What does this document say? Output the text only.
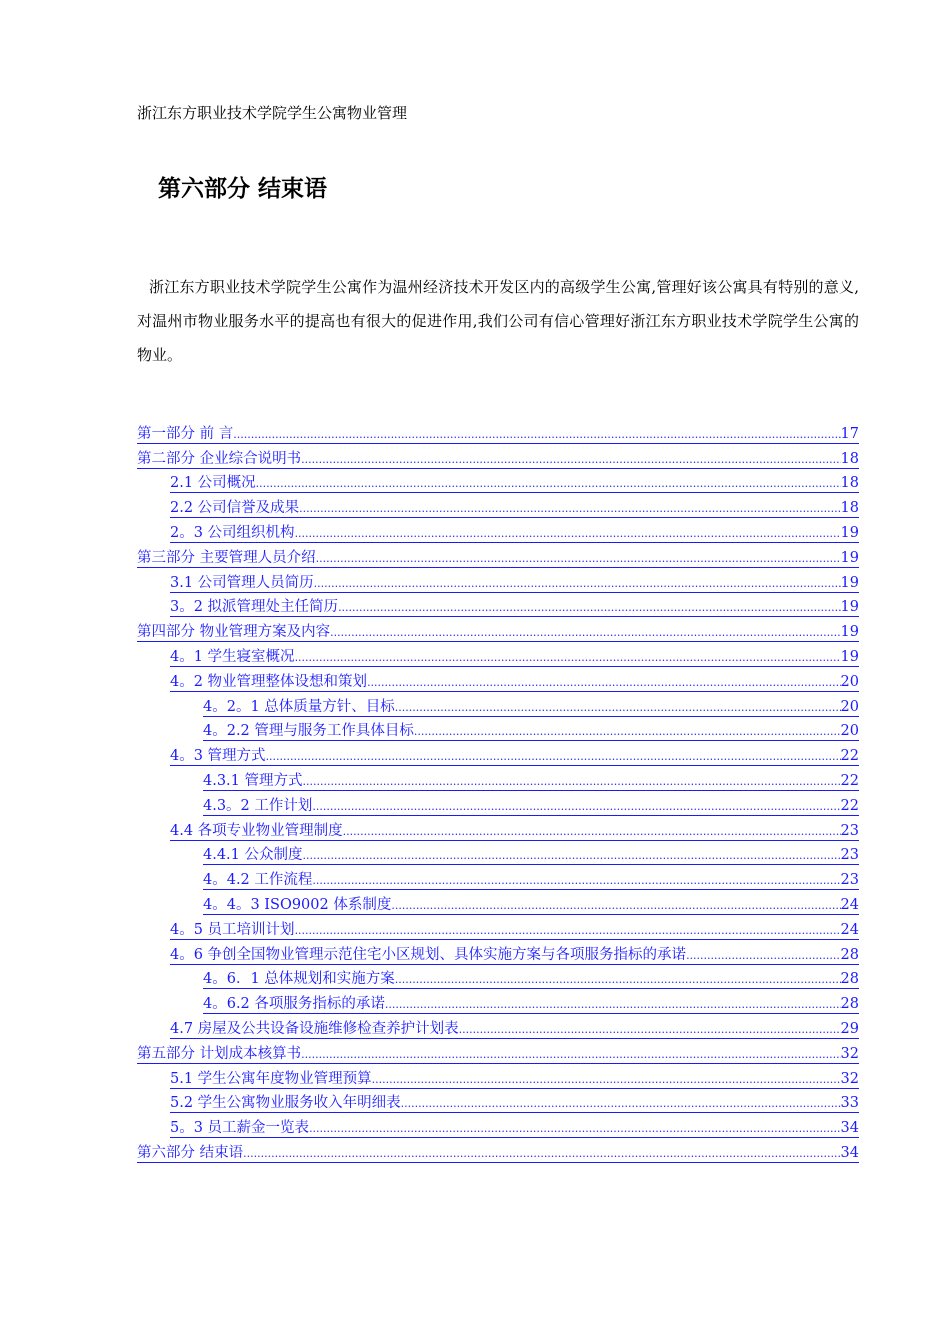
浙江东方职业技术学院学生公寓物业管理
第六部分 结束语

浙江东方职业技术学院学生公寓作为温州经济技术开发区内的高级学生公寓,管理好该公寓具有特别的意义,对温州市物业服务水平的提高也有很大的促进作用,我们公司有信心管理好浙江东方职业技术学院学生公寓的物业。

第一部分 前 言 .....	17
第二部分 企业综合说明书 .....	18
2.1 公司概况 .....	18
2.2 公司信誉及成果 .....	18
2。3 公司组织机构 .....	19
第三部分 主要管理人员介绍 .....	19
3.1 公司管理人员简历 .....	19
3。2 拟派管理处主任简历 .....	19
第四部分 物业管理方案及内容 .....	19
4。1 学生寝室概况 .....	19
4。2 物业管理整体设想和策划 .....	20
4。2。1 总体质量方针、目标 .....	20
4。2.2 管理与服务工作具体目标 .....	20
4。3 管理方式 .....	22
4.3.1 管理方式 .....	22
4.3。2 工作计划 .....	22
4.4 各项专业物业管理制度 .....	23
4.4.1 公众制度 .....	23
4。4.2 工作流程 .....	23
4。4。3 ISO9002 体系制度 .....	24
4。5 员工培训计划 .....	24
4。6 争创全国物业管理示范住宅小区规划、具体实施方案与各项服务指标的承诺 .....	28
4。6．1 总体规划和实施方案 .....	28
4。6.2 各项服务指标的承诺 .....	28
4.7 房屋及公共设备设施维修检查养护计划表 .....	29
第五部分 计划成本核算书 .....	32
5.1 学生公寓年度物业管理预算 .....	32
5.2 学生公寓物业服务收入年明细表 .....	33
5。3 员工薪金一览表 .....	34
第六部分 结束语 .....	34
